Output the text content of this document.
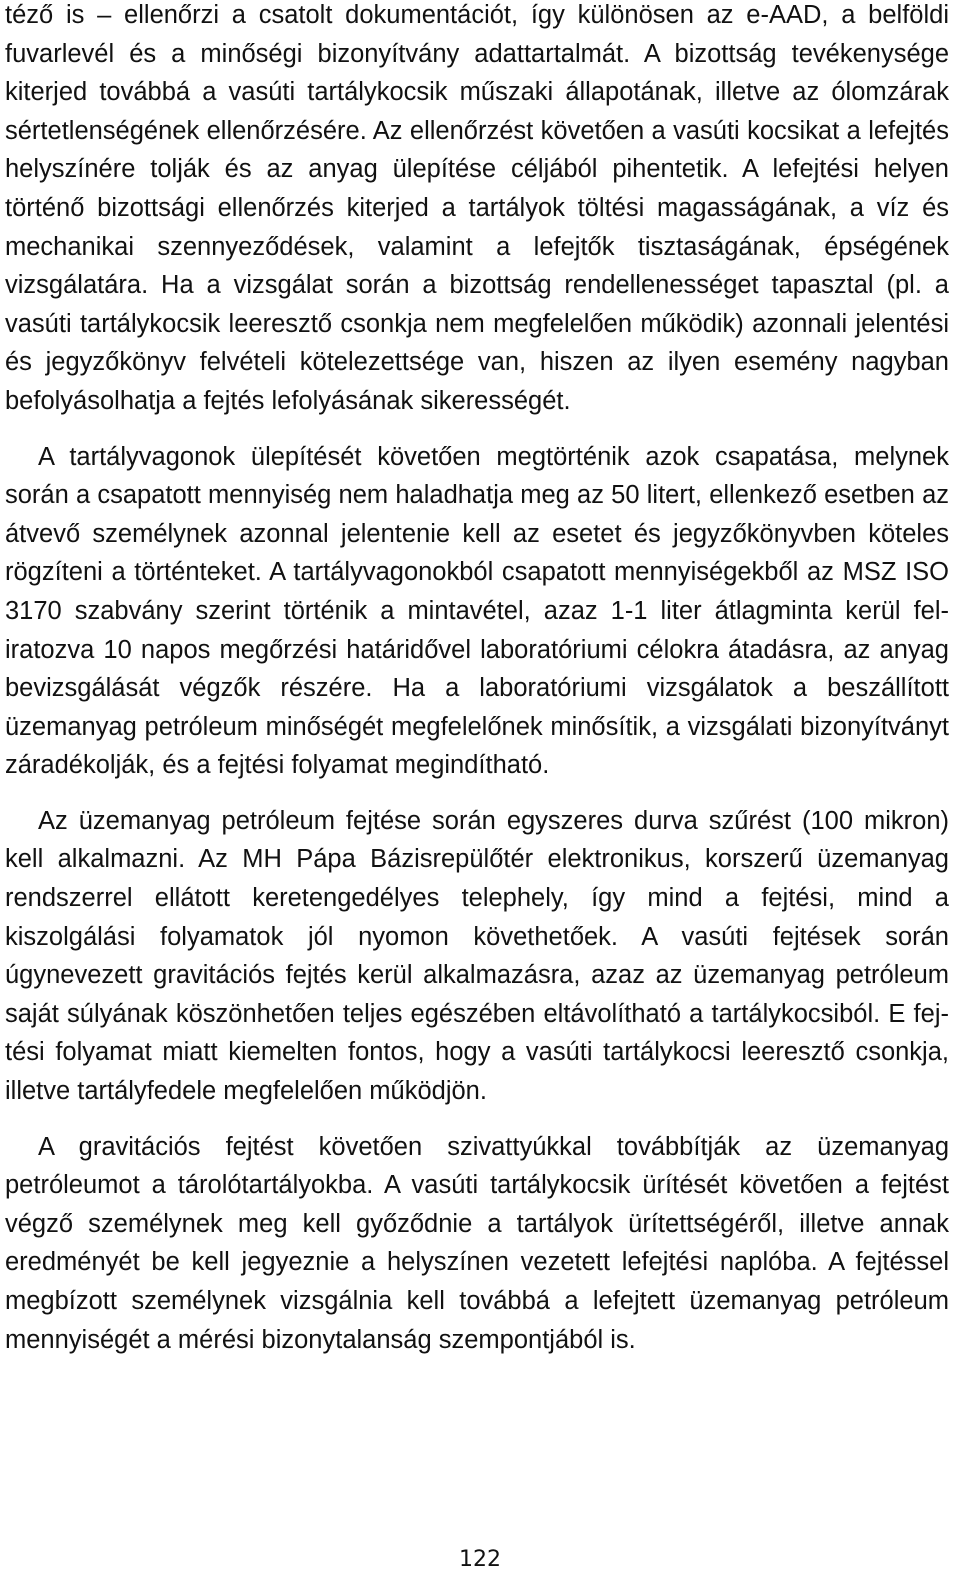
téző is – ellenőrzi a csatolt dokumentációt, így különösen az e-AAD, a belföldi fuvarlevél és a minőségi bizonyítvány adattartalmát. A bizottság tevékenysége kiterjed továbbá a vasúti tartálykocsik műszaki állapotának, illetve az ólomzárak sértetlenségének ellenőrzésére. Az ellenőrzést követően a vasúti kocsikat a lefejtés helyszínére tolják és az anyag ülepítése céljából pihentetik. A lefejtési helyen történő bizottsági ellenőrzés kiterjed a tartályok töltési magasságának, a víz és mechanikai szennyeződések, valamint a lefejtők tisztaságának, épségének vizsgálatára. Ha a vizsgálat során a bizottság rendellenességet tapasztal (pl. a vasúti tartálykocsik leeresztő csonkja nem megfelelően működik) azonnali jelentési és jegyzőkönyv felvételi kötelezettsége van, hiszen az ilyen esemény nagyban befolyásolhatja a fejtés lefolyásának sikerességét.

A tartályvagonok ülepítését követően megtörténik azok csapatása, melynek során a csapatott mennyiség nem haladhatja meg az 50 litert, ellenkező esetben az átvevő személynek azonnal jelentenie kell az esetet és jegyzőkönyvben köteles rögzíteni a történteket. A tartályvagonokból csapatott mennyiségekből az MSZ ISO 3170 szabvány szerint történik a mintavétel, azaz 1-1 liter átlagminta kerül feliratozva 10 napos megőrzési határidővel laboratóriumi célokra átadásra, az anyag bevizsgálását végzők részére. Ha a laboratóriumi vizsgálatok a beszállított üzemanyag petróleum minőségét megfelelőnek minősítik, a vizsgálati bizonyítványt záradékolják, és a fejtési folyamat megindítható.

Az üzemanyag petróleum fejtése során egyszeres durva szűrést (100 mikron) kell alkalmazni. Az MH Pápa Bázisrepülőtér elektronikus, korszerű üzemanyag rendszerrel ellátott keretengedélyes telephely, így mind a fejtési, mind a kiszolgálási folyamatok jól nyomon követhetőek. A vasúti fejtések során úgynevezett gravitációs fejtés kerül alkalmazásra, azaz az üzemanyag petróleum saját súlyának köszönhetően teljes egészében eltávolítható a tartálykocsiból. E fejtési folyamat miatt kiemelten fontos, hogy a vasúti tartálykocsi leeresztő csonkja, illetve tartályfedele megfelelően működjön.

A gravitációs fejtést követően szivattyúkkal továbbítják az üzemanyag petróleumot a tárolótartályokba. A vasúti tartálykocsik ürítését követően a fejtést végző személynek meg kell győződnie a tartályok ürítettségéről, illetve annak eredményét be kell jegyeznie a helyszínen vezetett lefejtési naplóba. A fejtéssel megbízott személynek vizsgálnia kell továbbá a lefejtett üzemanyag petróleum mennyiségét a mérési bizonytalanság szempontjából is.

122
